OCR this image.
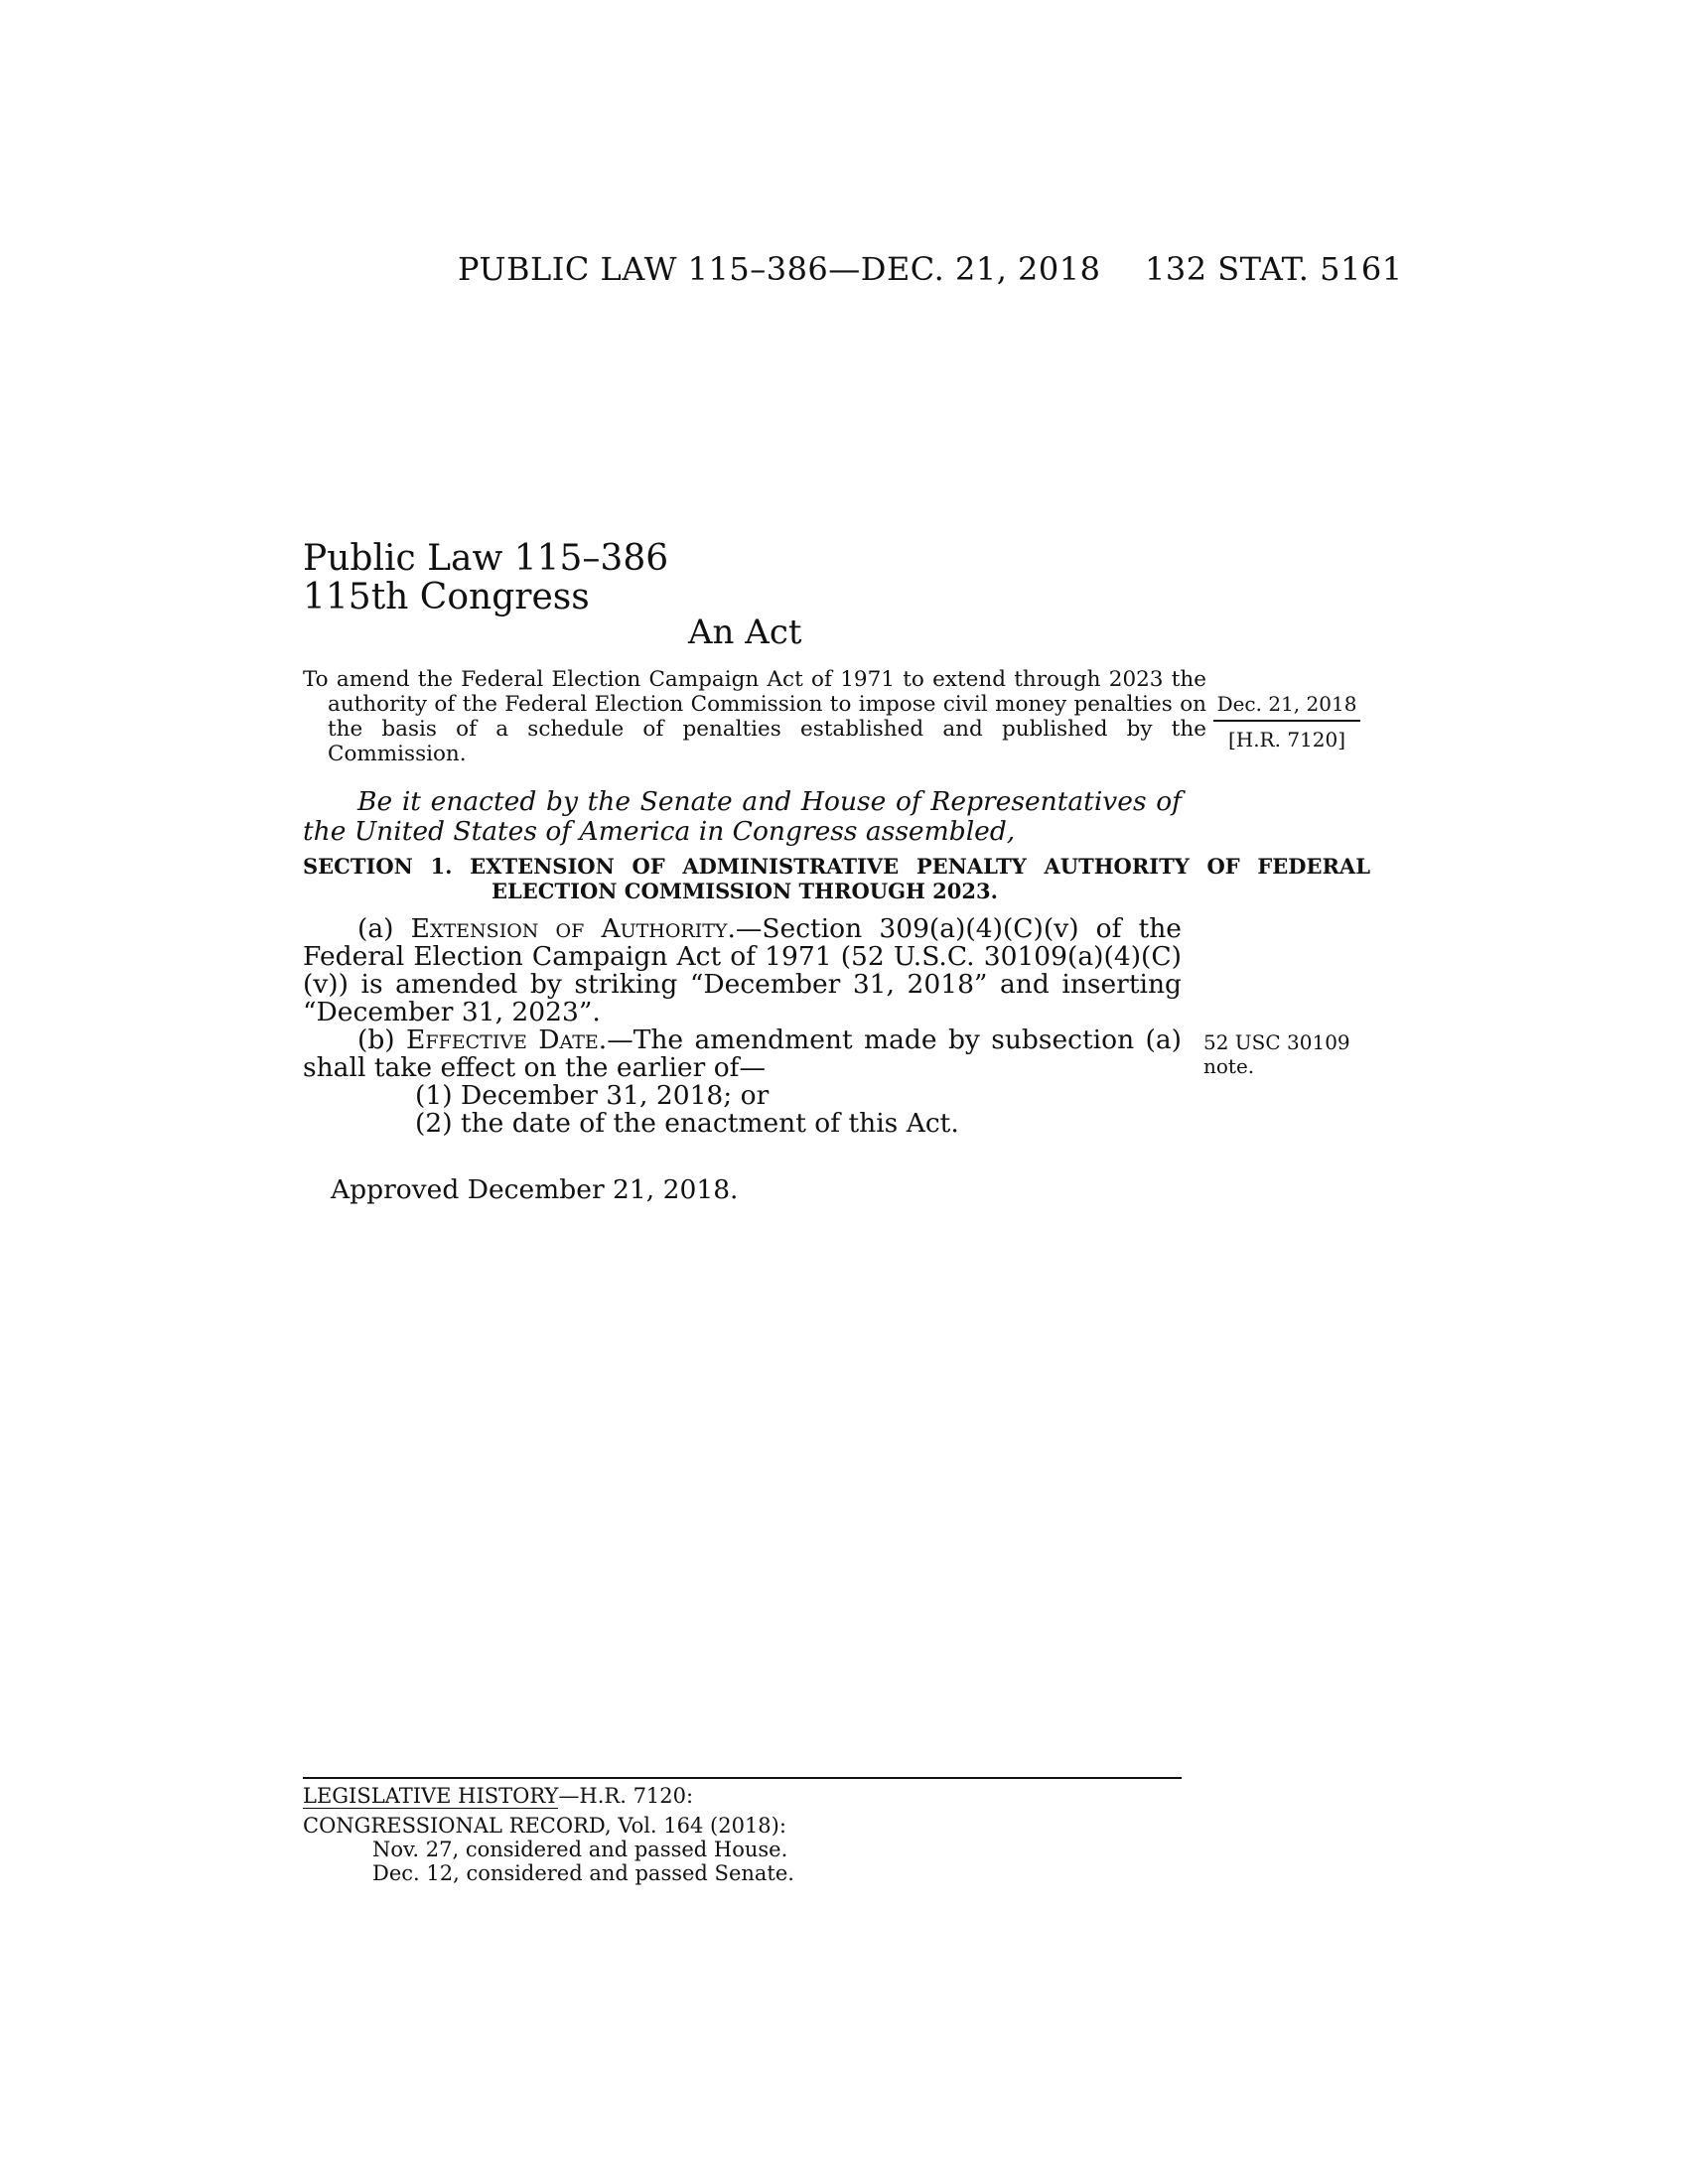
PUBLIC LAW 115–386—DEC. 21, 2018 132 STAT. 5161
Public Law 115–386
115th Congress
An Act
To amend the Federal Election Campaign Act of 1971 to extend through 2023 the authority of the Federal Election Commission to impose civil money penalties on the basis of a schedule of penalties established and published by the Commission.
Dec. 21, 2018
[H.R. 7120]
Be it enacted by the Senate and House of Representatives of the United States of America in Congress assembled,
SECTION 1. EXTENSION OF ADMINISTRATIVE PENALTY AUTHORITY OF FEDERAL ELECTION COMMISSION THROUGH 2023.
(a) Extension of Authority.—Section 309(a)(4)(C)(v) of the Federal Election Campaign Act of 1971 (52 U.S.C. 30109(a)(4)(C)(v)) is amended by striking “December 31, 2018” and inserting “December 31, 2023”.
(b) Effective Date.—The amendment made by subsection (a) shall take effect on the earlier of—
52 USC 30109
note.
(1) December 31, 2018; or
(2) the date of the enactment of this Act.
Approved December 21, 2018.
LEGISLATIVE HISTORY—H.R. 7120:
CONGRESSIONAL RECORD, Vol. 164 (2018):
Nov. 27, considered and passed House.
Dec. 12, considered and passed Senate.
